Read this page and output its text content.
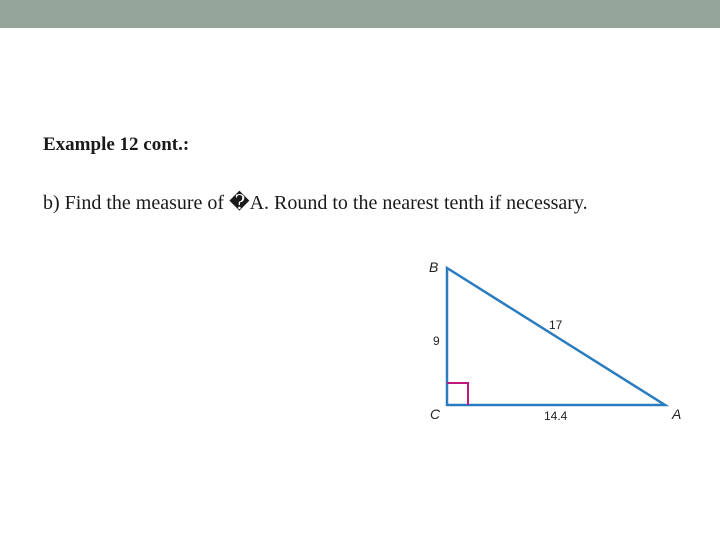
Example 12 cont.:
b) Find the measure of �A. Round to the nearest tenth if necessary.
B
C	A
17
9
14.4
